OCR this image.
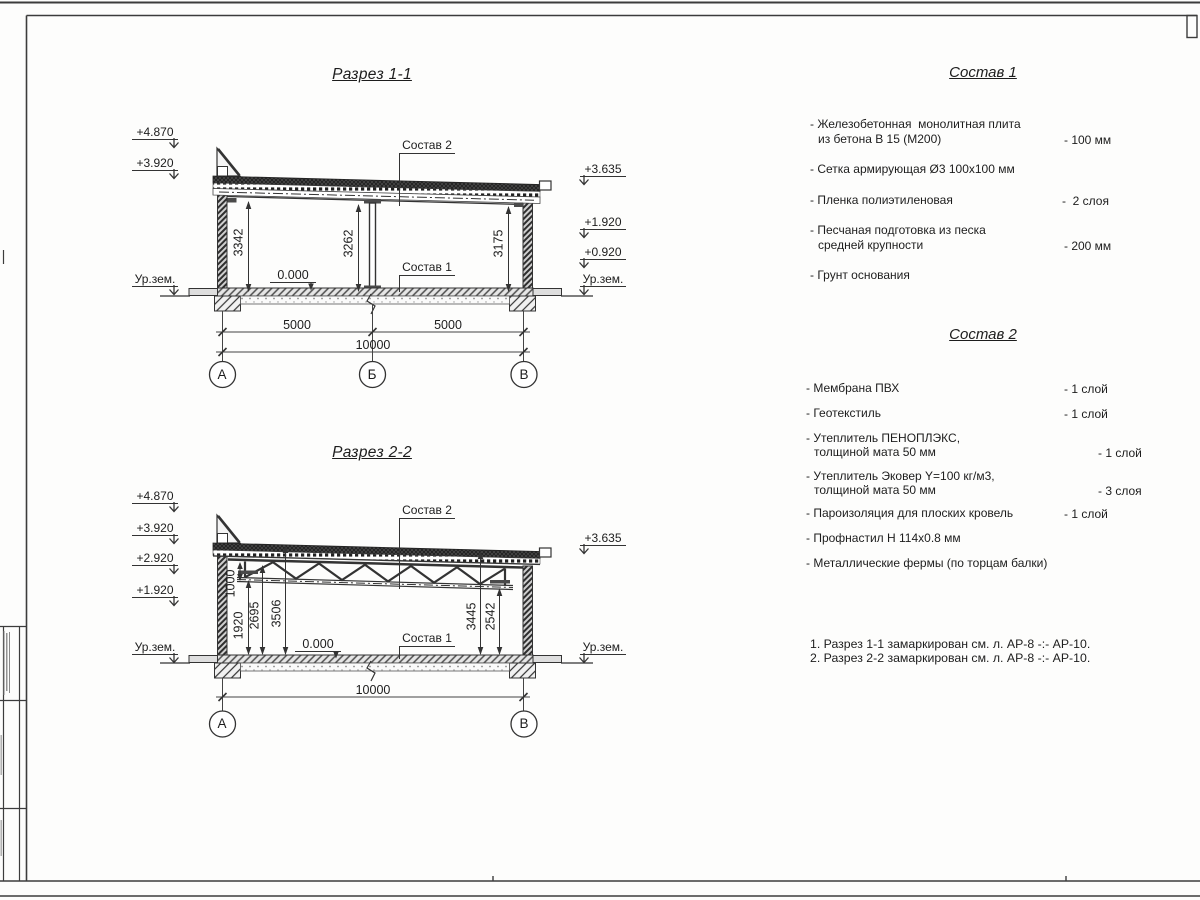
Разрез 1-1
+4.870
+3.920
Ур.зем.
+3.635
+1.920
+0.920
Ур.зем.
3342	3262	3175
0.000
Состав 2
Состав 1
5000	5000
10000
А	Б	В
Разрез 2-2
+4.870
+3.920
+2.920
+1.920
Ур.зем.
+3.635
Ур.зем.
1000
1920 2695 3506	3445 2542
0.000
Состав 2
Состав 1
10000
А	В
Состав 1
- Железобетонная  монолитная плита
из бетона В 15 (М200)	- 100 мм
- Сетка армирующая Ø3 100х100 мм
- Пленка полиэтиленовая	-  2 слоя
- Песчаная подготовка из песка
средней крупности	- 200 мм
- Грунт основания
Состав 2
- Мембрана ПВХ	- 1 слой
- Геотекстиль	- 1 слой
- Утеплитель ПЕНОПЛЭКС,
толщиной мата 50 мм	- 1 слой
- Утеплитель Эковер Y=100 кг/м3,
толщиной мата 50 мм	- 3 слоя
- Пароизоляция для плоских кровель	- 1 слой
- Профнастил Н 114х0.8 мм
- Металлические фермы (по торцам балки)
1. Разрез 1-1 замаркирован см. л. АР-8 -:- АР-10.
2. Разрез 2-2 замаркирован см. л. АР-8 -:- АР-10.
